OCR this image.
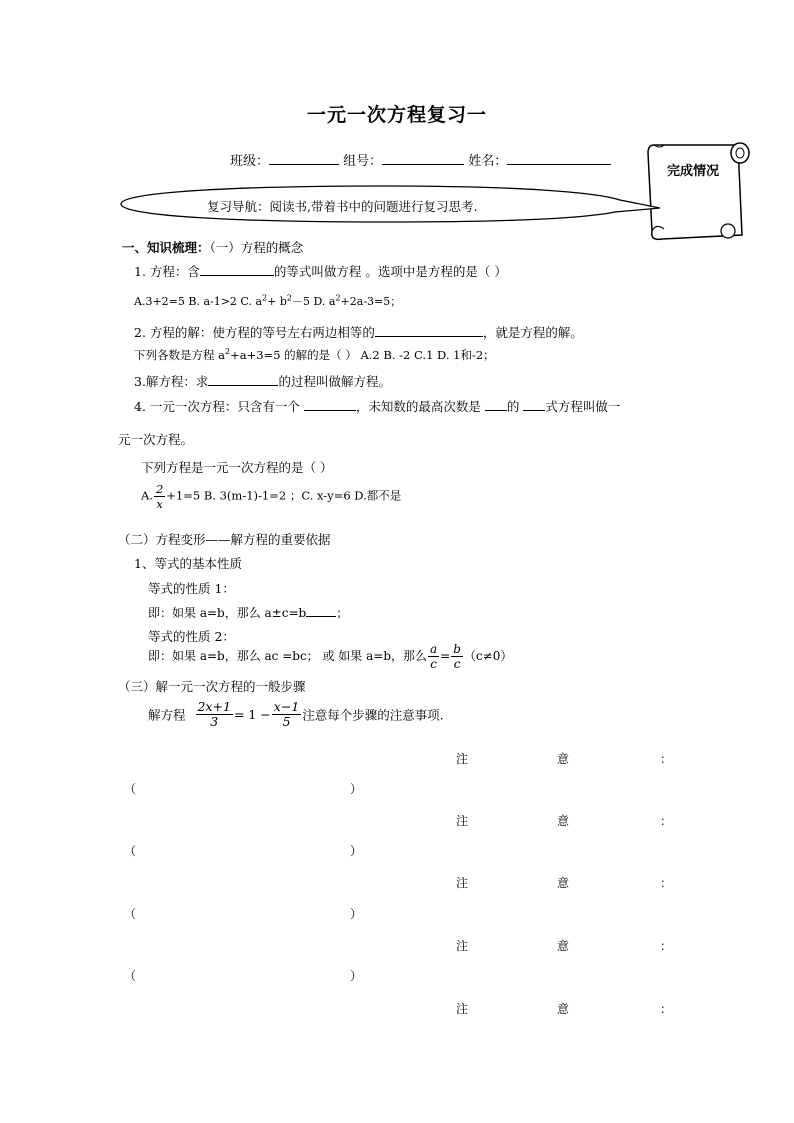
一元一次方程复习一
班级：	组号：	姓名：
完成情况
复习导航：阅读书,带着书中的问题进行复习思考.
一、知识梳理：（一）方程的概念
1. 方程：含	的等式叫做方程 。选项中是方程的是（ ）
A.3+2=5 B. a-1>2 C. $a^2+ b^2-5$ D. $a^2+2a-3=5$；
2. 方程的解：使方程的等号左右两边相等的	，就是方程的解。
下列各数是方程 $a^2+a+3=5$ 的解的是（ ） A.2 B. -2 C.1 D. 1和-2；
3.解方程：求	的过程叫做解方程。
4. 一元一次方程：只含有一个	，未知数的最高次数是 的 式方程叫做一
元一次方程。
下列方程是一元一次方程的是（ ）
A. $\frac{2}{x} +1=5$ B. 3(m-1)-1=2 ；C. x-y=6 D.都不是
（二）方程变形——解方程的重要依据
1、等式的基本性质
等式的性质 1：
即：如果 a=b，那么 a±c=b	；
等式的性质 2：
即：如果 a=b，那么 ac =bc； 或 如果 a=b，那么 $\frac{a}{c} = \frac{b}{c} (c\ne 0)$
（三）解一元一次方程的一般步骤
解方程 $\frac{2x+1}{3} = 1 - \frac{x-1}{5}$ 注意每个步骤的注意事项.
注	意	：
（	）
注	意	：
（	）
注	意	：
（	）
注	意	：
（	）
注	意	：
